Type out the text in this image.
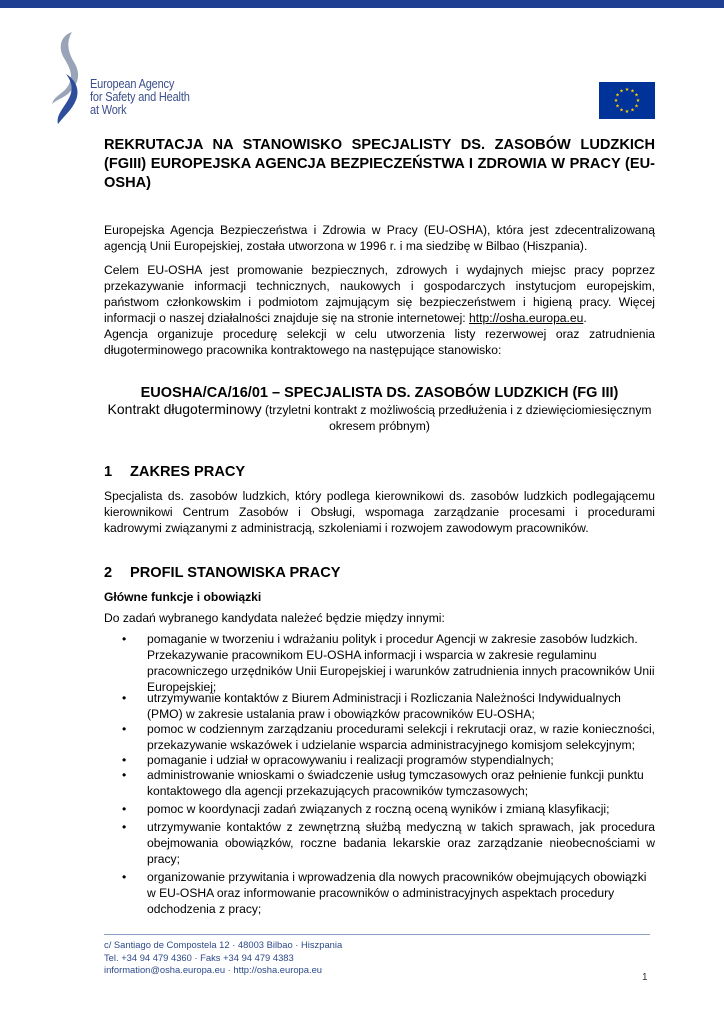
European Agency
for Safety and Health
at Work
★ ★
★
★
★
★
★
★
★
★
★
★
REKRUTACJA NA STANOWISKO SPECJALISTY DS. ZASOBÓW LUDZKICH (FGIII) EUROPEJSKA AGENCJA BEZPIECZEŃSTWA I ZDROWIA W PRACY (EU-OSHA)
Europejska Agencja Bezpieczeństwa i Zdrowia w Pracy (EU-OSHA), która jest zdecentralizowaną agencją Unii Europejskiej, została utworzona w 1996 r. i ma siedzibę w Bilbao (Hiszpania).
Celem EU-OSHA jest promowanie bezpiecznych, zdrowych i wydajnych miejsc pracy poprzez przekazywanie informacji technicznych, naukowych i gospodarczych instytucjom europejskim, państwom członkowskim i podmiotom zajmującym się bezpieczeństwem i higieną pracy. Więcej informacji o naszej działalności znajduje się na stronie internetowej: http://osha.europa.eu.
Agencja organizuje procedurę selekcji w celu utworzenia listy rezerwowej oraz zatrudnienia długoterminowego pracownika kontraktowego na następujące stanowisko:
EUOSHA/CA/16/01 – SPECJALISTA DS. ZASOBÓW LUDZKICH (FG III)
Kontrakt długoterminowy (trzyletni kontrakt z możliwością przedłużenia i z dziewięciomiesięcznym okresem próbnym)
1 ZAKRES PRACY
Specjalista ds. zasobów ludzkich, który podlega kierownikowi ds. zasobów ludzkich podlegającemu kierownikowi Centrum Zasobów i Obsługi, wspomaga zarządzanie procesami i procedurami kadrowymi związanymi z administracją, szkoleniami i rozwojem zawodowym pracowników.
2 PROFIL STANOWISKA PRACY
Główne funkcje i obowiązki
Do zadań wybranego kandydata należeć będzie między innymi:
• pomaganie w tworzeniu i wdrażaniu polityk i procedur Agencji w zakresie zasobów ludzkich. Przekazywanie pracownikom EU-OSHA informacji i wsparcia w zakresie regulaminu pracowniczego urzędników Unii Europejskiej i warunków zatrudnienia innych pracowników Unii Europejskiej;
• utrzymywanie kontaktów z Biurem Administracji i Rozliczania Należności Indywidualnych (PMO) w zakresie ustalania praw i obowiązków pracowników EU-OSHA;
• pomoc w codziennym zarządzaniu procedurami selekcji i rekrutacji oraz, w razie konieczności, przekazywanie wskazówek i udzielanie wsparcia administracyjnego komisjom selekcyjnym;
• pomaganie i udział w opracowywaniu i realizacji programów stypendialnych;
• administrowanie wnioskami o świadczenie usług tymczasowych oraz pełnienie funkcji punktu kontaktowego dla agencji przekazujących pracowników tymczasowych;
• pomoc w koordynacji zadań związanych z roczną oceną wyników i zmianą klasyfikacji;
• utrzymywanie kontaktów z zewnętrzną służbą medyczną w takich sprawach, jak procedura obejmowania obowiązków, roczne badania lekarskie oraz zarządzanie nieobecnościami w pracy;
• organizowanie przywitania i wprowadzenia dla nowych pracowników obejmujących obowiązki w EU-OSHA oraz informowanie pracowników o administracyjnych aspektach procedury odchodzenia z pracy;
c/ Santiago de Compostela 12 · 48003 Bilbao · Hiszpania
Tel. +34 94 479 4360 · Faks +34 94 479 4383
information@osha.europa.eu · http://osha.europa.eu
1
